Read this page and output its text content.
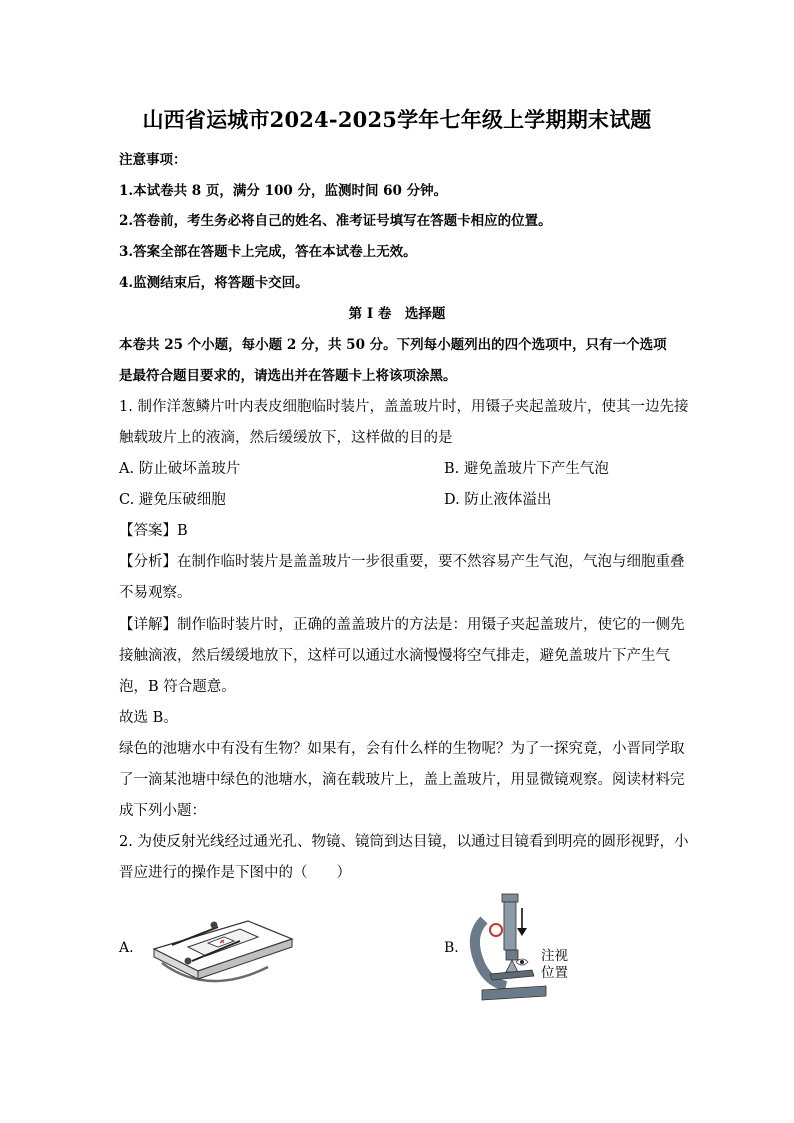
山西省运城市2024-2025学年七年级上学期期末试题
注意事项：
1.本试卷共 8 页，满分 100 分，监测时间 60 分钟。
2.答卷前，考生务必将自己的姓名、准考证号填写在答题卡相应的位置。
3.答案全部在答题卡上完成，答在本试卷上无效。
4.监测结束后，将答题卡交回。
第 I 卷　选择题
本卷共 25 个小题，每小题 2 分，共 50 分。下列每小题列出的四个选项中，只有一个选项
是最符合题目要求的，请选出并在答题卡上将该项涂黑。
1. 制作洋葱鳞片叶内表皮细胞临时装片，盖盖玻片时，用镊子夹起盖玻片，使其一边先接
触载玻片上的液滴，然后缓缓放下，这样做的目的是
A. 防止破坏盖玻片	B. 避免盖玻片下产生气泡
C. 避免压破细胞	D. 防止液体溢出
【答案】B
【分析】在制作临时装片是盖盖玻片一步很重要，要不然容易产生气泡，气泡与细胞重叠
不易观察。
【详解】制作临时装片时，正确的盖盖玻片的方法是：用镊子夹起盖玻片，使它的一侧先
接触滴液，然后缓缓地放下，这样可以通过水滴慢慢将空气排走，避免盖玻片下产生气
泡，B 符合题意。
故选 B。
绿色的池塘水中有没有生物？如果有，会有什么样的生物呢？为了一探究竟，小晋同学取
了一滴某池塘中绿色的池塘水，滴在载玻片上，盖上盖玻片，用显微镜观察。阅读材料完
成下列小题：
2. 为使反射光线经过通光孔、物镜、镜筒到达目镜，以通过目镜看到明亮的圆形视野，小
晋应进行的操作是下图中的（　　）
A.	B.	注视
位置
